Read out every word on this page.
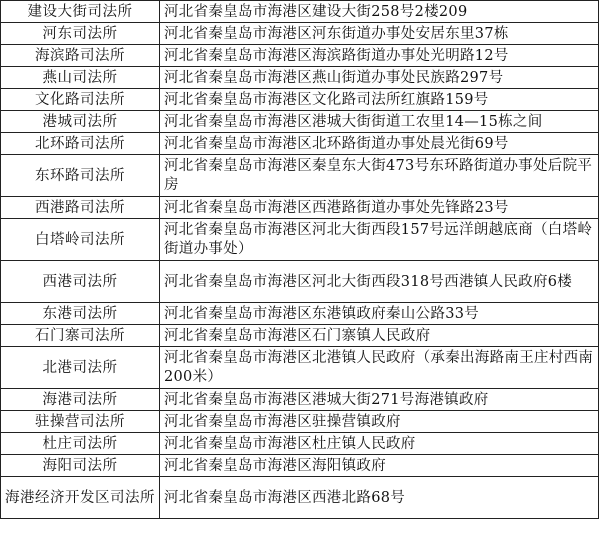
建设大街司法所	河北省秦皇岛市海港区建设大街258号2楼209
河东司法所	河北省秦皇岛市海港区河东街道办事处安居东里37栋
海滨路司法所	河北省秦皇岛市海港区海滨路街道办事处光明路12号
燕山司法所	河北省秦皇岛市海港区燕山街道办事处民族路297号
文化路司法所	河北省秦皇岛市海港区文化路司法所红旗路159号
港城司法所	河北省秦皇岛市海港区港城大街街道工农里14—15栋之间
北环路司法所	河北省秦皇岛市海港区北环路街道办事处晨光街69号
东环路司法所	河北省秦皇岛市海港区秦皇东大街473号东环路街道办事处后院平房
西港路司法所	河北省秦皇岛市海港区西港路街道办事处先锋路23号
白塔岭司法所	河北省秦皇岛市海港区河北大街西段157号远洋朗越底商（白塔岭街道办事处）
西港司法所	河北省秦皇岛市海港区河北大街西段318号西港镇人民政府6楼
东港司法所	河北省秦皇岛市海港区东港镇政府秦山公路33号
石门寨司法所	河北省秦皇岛市海港区石门寨镇人民政府
北港司法所	河北省秦皇岛市海港区北港镇人民政府（承秦出海路南王庄村西南200米）
海港司法所	河北省秦皇岛市海港区港城大街271号海港镇政府
驻操营司法所	河北省秦皇岛市海港区驻操营镇政府
杜庄司法所	河北省秦皇岛市海港区杜庄镇人民政府
海阳司法所	河北省秦皇岛市海港区海阳镇政府
海港经济开发区司法所	河北省秦皇岛市海港区西港北路68号
